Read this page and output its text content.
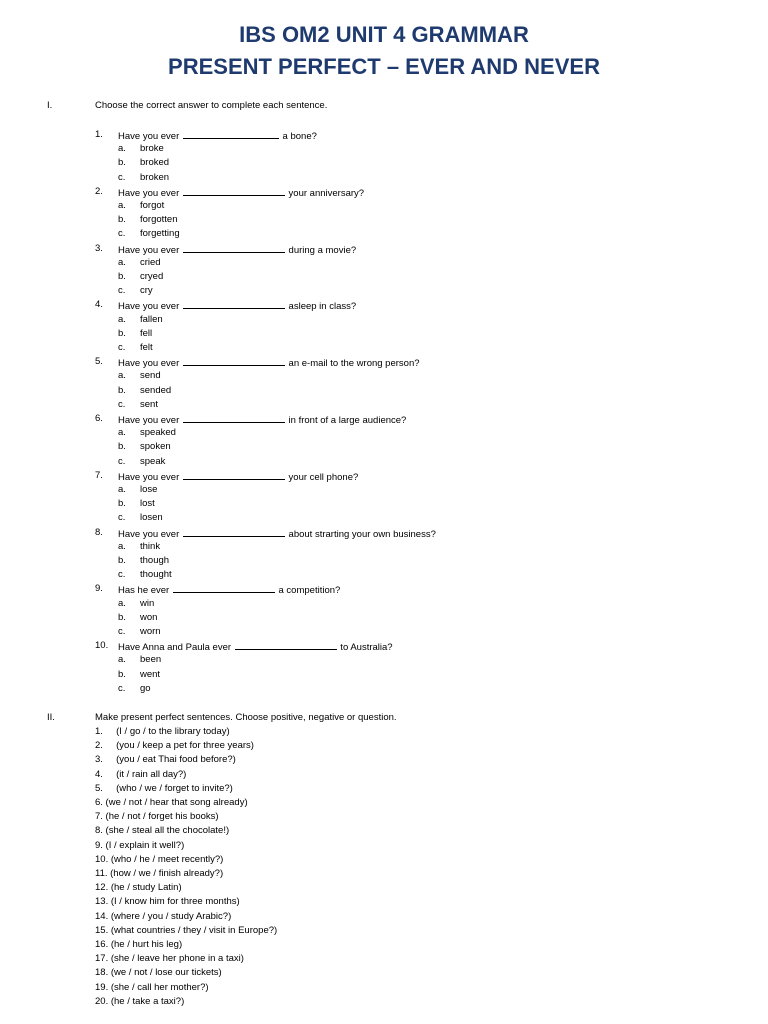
IBS OM2 UNIT 4 GRAMMAR
PRESENT PERFECT – EVER AND NEVER
I.	Choose the correct answer to complete each sentence.
1.	Have you ever	a bone?
a. broke
b. broked
c. broken
2.	Have you ever	your anniversary?
a. forgot
b. forgotten
c. forgetting
3.	Have you ever	during a movie?
a. cried
b. cryed
c. cry
4.	Have you ever	asleep in class?
a. fallen
b. fell
c. felt
5.	Have you ever	an e-mail to the wrong person?
a. send
b. sended
c. sent
6.	Have you ever	in front of a large audience?
a. speaked
b. spoken
c. speak
7.	Have you ever	your cell phone?
a. lose
b. lost
c. losen
8.	Have you ever	about strarting your own business?
a. think
b. though
c. thought
9.	Has he ever	a competition?
a. win
b. won
c. worn
10.	Have Anna and Paula ever	to Australia?
a. been
b. went
c. go
II.	Make present perfect sentences. Choose positive, negative or question.
1.     (I / go / to the library today)
2.     (you / keep a pet for three years)
3.     (you / eat Thai food before?)
4.     (it / rain all day?)
5.     (who / we / forget to invite?)
6. (we / not / hear that song already)
7. (he / not / forget his books)
8. (she / steal all the chocolate!)
9. (I / explain it well?)
10. (who / he / meet recently?)
11. (how / we / finish already?)
12. (he / study Latin)
13. (I / know him for three months)
14. (where / you / study Arabic?)
15. (what countries / they / visit in Europe?)
16. (he / hurt his leg)
17. (she / leave her phone in a taxi)
18. (we / not / lose our tickets)
19. (she / call her mother?)
20. (he / take a taxi?)
